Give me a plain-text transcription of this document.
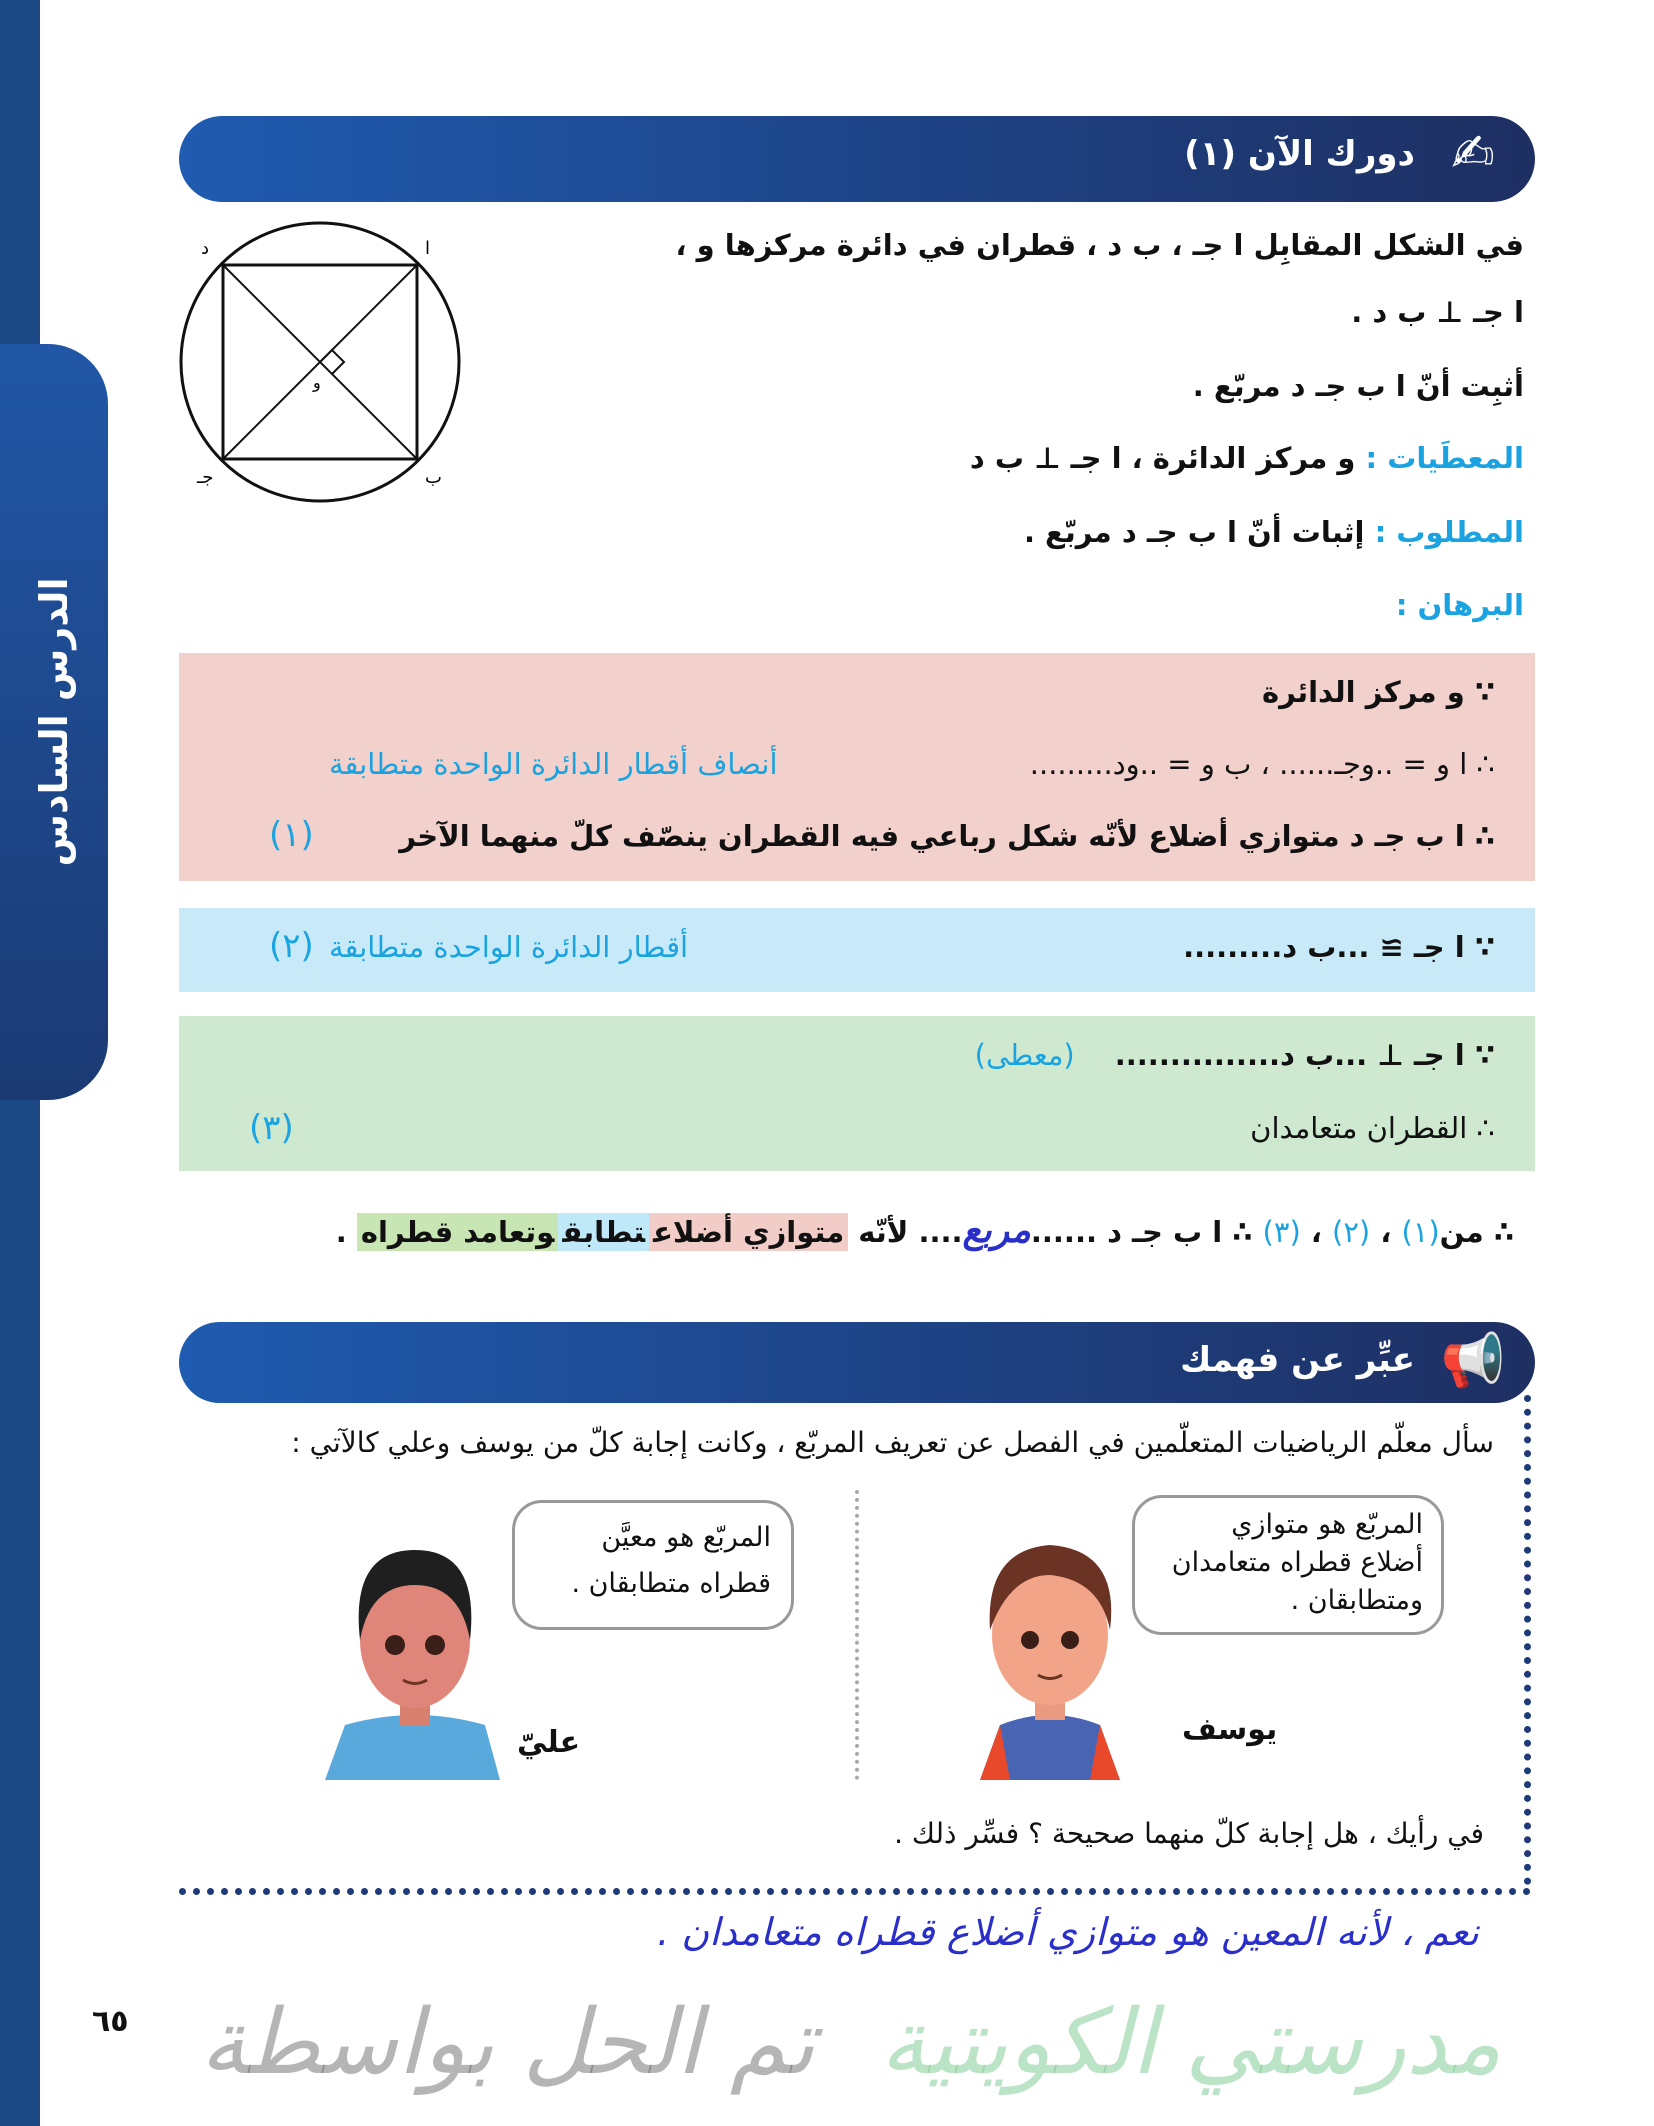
الدرس السادس
✍
دورك الآن (١)
ا
ب
جـ
د
و
في الشكل المقابِل ا جـ ، ب د ، قطران في دائرة مركزها و ،
ا جـ ⊥ ب د .
أثبِت أنّ ا ب جـ د مربّع .
المعطَيات : و مركز الدائرة ، ا جـ ⊥ ب د
المطلوب : إثبات أنّ ا ب جـ د مربّع .
البرهان :
∵ و مركز الدائرة
∴ ا و = ..وجـ...... ، ب و = ..ود.........
أنصاف أقطار الدائرة الواحدة متطابقة
∴ ا ب جـ د متوازي أضلاع لأنّه شكل رباعي فيه القطران ينصّف كلّ منهما الآخر
(١)
∵ ا جـ ≅ ...ب د.........
أقطار الدائرة الواحدة متطابقة
(٢)
∵ ا جـ ⊥ ...ب د...............
(معطى)
∴ القطران متعامدان
(٣)
∴ من(١) ، (٢) ، (٣) ∴ ا ب جـ د ......مربع.... لأنّه متوازي أضلاعتطابقوتعامد قطراه .
📢
عبِّر عن فهمك
سأل معلّم الرياضيات المتعلّمين في الفصل عن تعريف المربّع ، وكانت إجابة كلّ من يوسف وعلي كالآتي :
المربّع هو متوازي
أضلاع قطراه متعامدان
ومتطابقان .
المربّع هو معيَّن
قطراه متطابقان .
يوسف
عليّ
في رأيك ، هل إجابة كلّ منهما صحيحة ؟ فسِّر ذلك .
نعم ، لأنه المعين هو متوازي أضلاع قطراه متعامدان .
تم الحل بواسطة مدرستي الكويتية
٦٥
